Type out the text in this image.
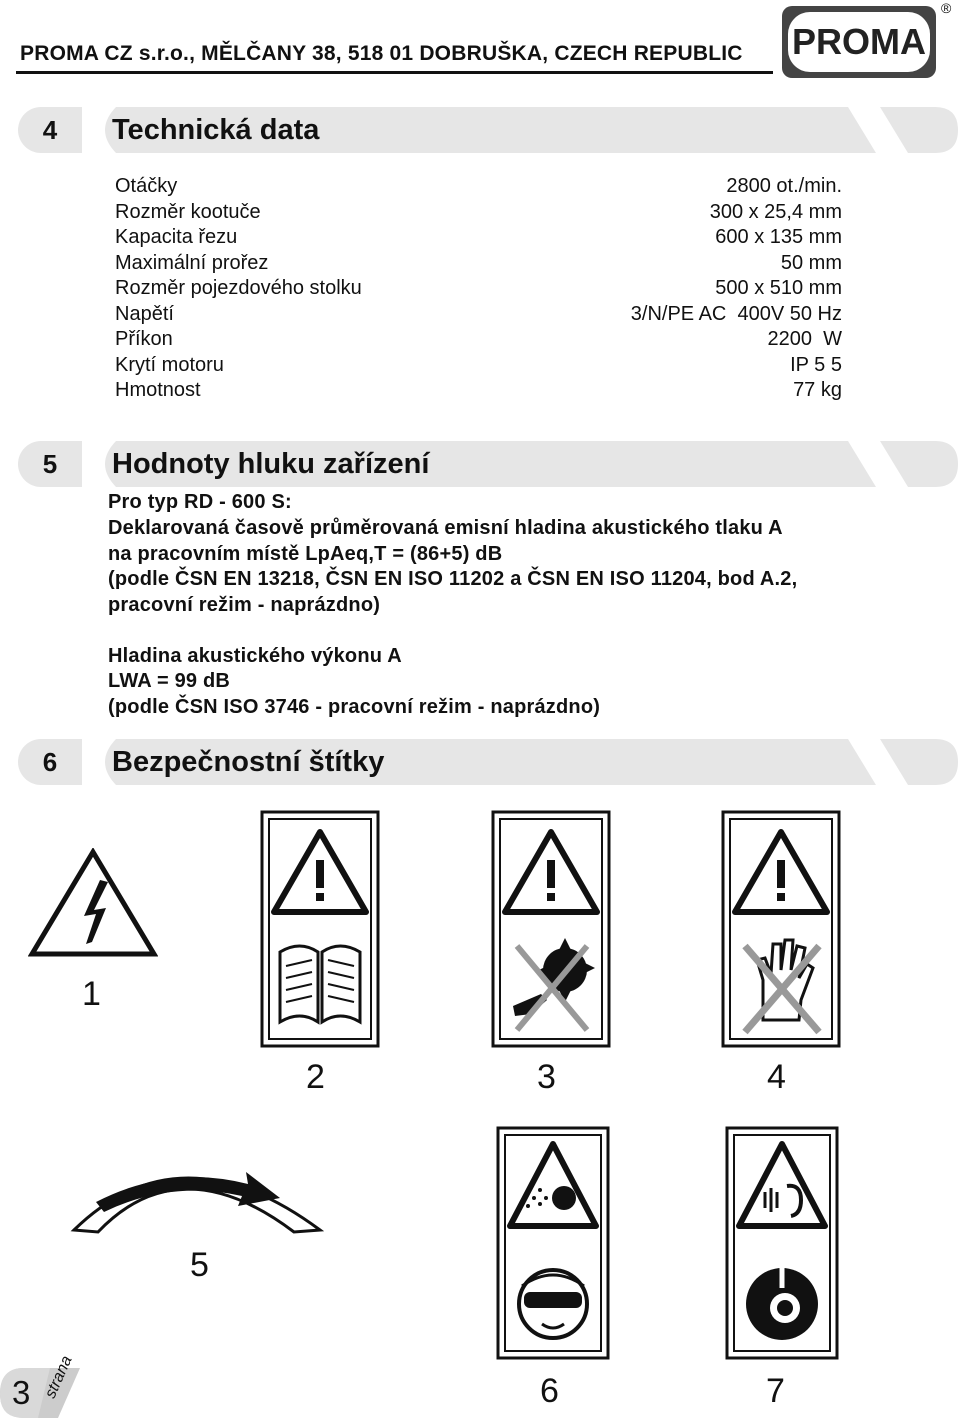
PROMA CZ s.r.o., MĚLČANY 38, 518 01 DOBRUŠKA, CZECH REPUBLIC PROMA
®
4	Technická data
Otáčky	2800 ot./min.
Rozměr kootuče	300 x 25,4 mm
Kapacita řezu	600 x 135 mm
Maximální prořez	50 mm
Rozměr pojezdového stolku	500 x 510 mm
Napětí	3/N/PE AC  400V 50 Hz
Příkon	2200  W
Krytí motoru	IP 5 5
Hmotnost	77 kg
5	Hodnoty hluku zařízení
Pro typ RD - 600 S:
Deklarovaná časově průměrovaná emisní hladina akustického tlaku A
na pracovním místě LpAeq,T = (86+5) dB
(podle ČSN EN 13218, ČSN EN ISO 11202 a ČSN EN ISO 11204, bod A.2,
pracovní režim - naprázdno)
Hladina akustického výkonu A
LWA = 99 dB
(podle ČSN ISO 3746 - pracovní režim - naprázdno)
6	Bezpečnostní štítky
1
2	3	4
5
6	7
3 strana
